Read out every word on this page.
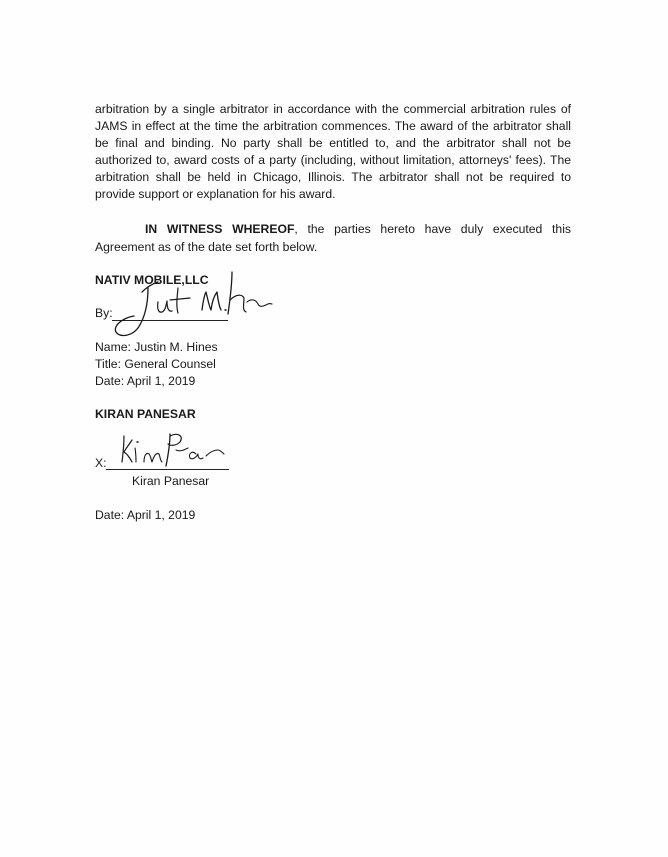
arbitration by a single arbitrator in accordance with the commercial arbitration rules of JAMS in effect at the time the arbitration commences. The award of the arbitrator shall be final and binding. No party shall be entitled to, and the arbitrator shall not be authorized to, award costs of a party (including, without limitation, attorneys' fees). The arbitration shall be held in Chicago, Illinois. The arbitrator shall not be required to provide support or explanation for his award.

IN WITNESS WHEREOF, the parties hereto have duly executed this Agreement as of the date set forth below.

NATIV MOBILE,LLC

By:

Name: Justin M. Hines

Title: General Counsel

Date: April 1, 2019

KIRAN PANESAR

X:

Kiran Panesar

Date: April 1, 2019
